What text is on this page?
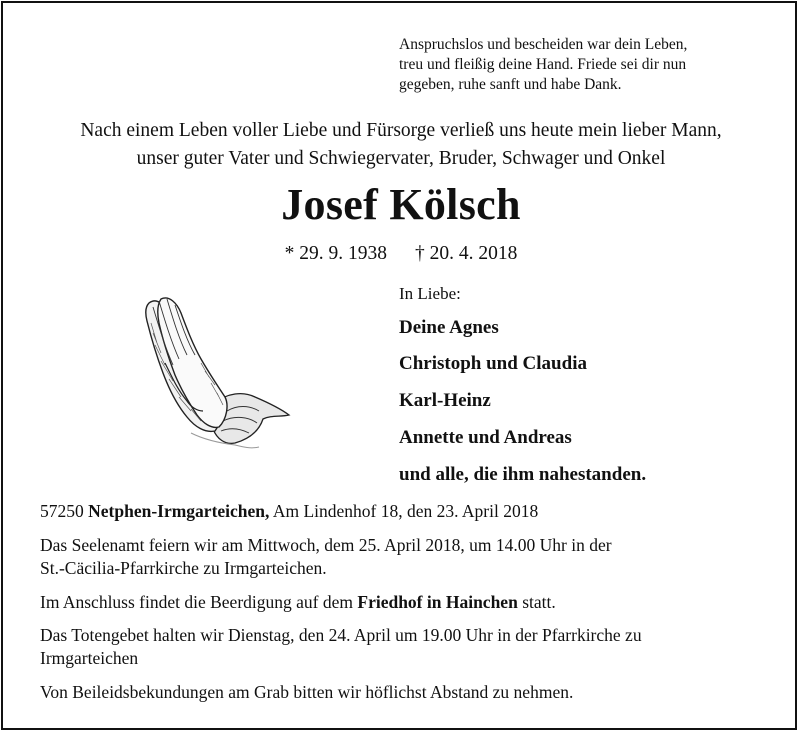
Anspruchslos und bescheiden war dein Leben,
treu und fleißig deine Hand. Friede sei dir nun
gegeben, ruhe sanft und habe Dank.
Nach einem Leben voller Liebe und Fürsorge verließ uns heute mein lieber Mann,
unser guter Vater und Schwiegervater, Bruder, Schwager und Onkel
Josef Kölsch
* 29. 9. 1938 † 20. 4. 2018
In Liebe:
Deine Agnes
Christoph und Claudia
Karl-Heinz
Annette und Andreas
und alle, die ihm nahestanden.
57250 Netphen-Irmgarteichen, Am Lindenhof 18, den 23. April 2018
Das Seelenamt feiern wir am Mittwoch, dem 25. April 2018, um 14.00 Uhr in der
St.-Cäcilia-Pfarrkirche zu Irmgarteichen.
Im Anschluss findet die Beerdigung auf dem Friedhof in Hainchen statt.
Das Totengebet halten wir Dienstag, den 24. April um 19.00 Uhr in der Pfarrkirche zu
Irmgarteichen
Von Beileidsbekundungen am Grab bitten wir höflichst Abstand zu nehmen.
